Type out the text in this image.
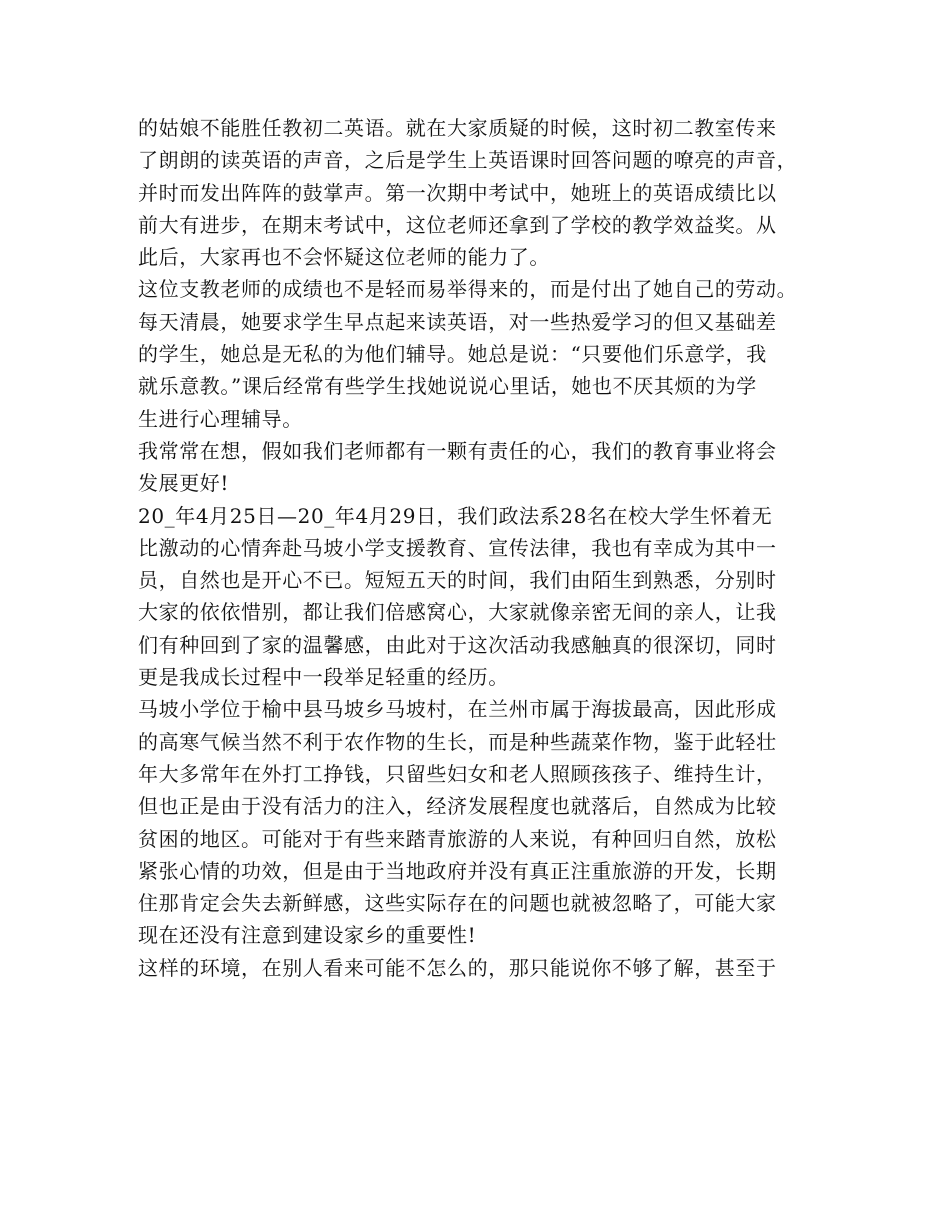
的姑娘不能胜任教初二英语。就在大家质疑的时候，这时初二教室传来
了朗朗的读英语的声音，之后是学生上英语课时回答问题的嘹亮的声音，
并时而发出阵阵的鼓掌声。第一次期中考试中，她班上的英语成绩比以
前大有进步，在期末考试中，这位老师还拿到了学校的教学效益奖。从
此后，大家再也不会怀疑这位老师的能力了。
这位支教老师的成绩也不是轻而易举得来的，而是付出了她自己的劳动。
每天清晨，她要求学生早点起来读英语，对一些热爱学习的但又基础差
的学生，她总是无私的为他们辅导。她总是说：“只要他们乐意学，我
就乐意教。”课后经常有些学生找她说说心里话，她也不厌其烦的为学
生进行心理辅导。
我常常在想，假如我们老师都有一颗有责任的心，我们的教育事业将会
发展更好!
20_年4月25日—20_年4月29日，我们政法系28名在校大学生怀着无
比激动的心情奔赴马坡小学支援教育、宣传法律，我也有幸成为其中一
员，自然也是开心不已。短短五天的时间，我们由陌生到熟悉，分别时
大家的依依惜别，都让我们倍感窝心，大家就像亲密无间的亲人，让我
们有种回到了家的温馨感，由此对于这次活动我感触真的很深切，同时
更是我成长过程中一段举足轻重的经历。
马坡小学位于榆中县马坡乡马坡村，在兰州市属于海拔最高，因此形成
的高寒气候当然不利于农作物的生长，而是种些蔬菜作物，鉴于此轻壮
年大多常年在外打工挣钱，只留些妇女和老人照顾孩孩子、维持生计，
但也正是由于没有活力的注入，经济发展程度也就落后，自然成为比较
贫困的地区。可能对于有些来踏青旅游的人来说，有种回归自然，放松
紧张心情的功效，但是由于当地政府并没有真正注重旅游的开发，长期
住那肯定会失去新鲜感，这些实际存在的问题也就被忽略了，可能大家
现在还没有注意到建设家乡的重要性!
这样的环境，在别人看来可能不怎么的，那只能说你不够了解，甚至于
